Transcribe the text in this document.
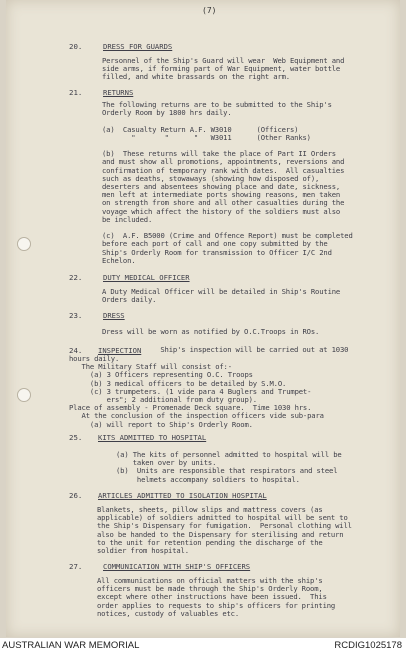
(7)
20.	DRESS FOR GUARDS
Personnel of the Ship's Guard will wear  Web Equipment and
side arms, if forming part of War Equipment, water bottle
filled, and white brassards on the right arm.
21.	RETURNS
The following returns are to be submitted to the Ship's
Orderly Room by 1800 hrs daily.

(a)  Casualty Return A.F. W3010      (Officers)
"       "      "   W3011      (Other Ranks)

(b)  These returns will take the place of Part II Orders
and must show all promotions, appointments, reversions and
confirmation of temporary rank with dates.  All casualties
such as deaths, stowaways (showing how disposed of),
deserters and absentees showing place and date, sickness,
men left at intermediate ports showing reasons, men taken
on strength from shore and all other casualties during the
voyage which affect the history of the soldiers must also
be included.

(c)  A.F. B5000 (Crime and Offence Report) must be completed
before each port of call and one copy submitted by the
Ship's Orderly Room for transmission to Officer I/C 2nd
Echelon.
22.	DUTY MEDICAL OFFICER
A Duty Medical Officer will be detailed in Ship's Routine
Orders daily.
23.	DRESS
Dress will be worn as notified by O.C.Troops in ROs.
24. INSPECTION Ship's inspection will be carried out at 1030
hours daily.
The Military Staff will consist of:-
(a) 3 Officers representing O.C. Troops
(b) 3 medical officers to be detailed by S.M.O.
(c) 3 trumpeters. (1 vide para 4 Buglers and Trumpet-
ers"; 2 additional from duty group).
Place of assembly - Promenade Deck square.  Time 1030 hrs.
At the conclusion of the inspection officers vide sub-para
(a) will report to Ship's Orderly Room.
25. KITS ADMITTED TO HOSPITAL
(a) The kits of personnel admitted to hospital will be
taken over by units.
(b)  Units are responsible that respirators and steel
helmets accompany soldiers to hospital.
26. ARTICLES ADMITTED TO ISOLATION HOSPITAL
Blankets, sheets, pillow slips and mattress covers (as
applicable) of soldiers admitted to hospital will be sent to
the Ship's Dispensary for fumigation.  Personal clothing will
also be handed to the Dispensary for sterilising and return
to the unit for retention pending the discharge of the
soldier from hospital.
27.	COMMUNICATION WITH SHIP'S OFFICERS
All communications on official matters with the ship's
officers must be made through the Ship's Orderly Room,
except where other instructions have been issued.  This
order applies to requests to ship's officers for printing
notices, custody of valuables etc.
AUSTRALIAN WAR MEMORIAL	RCDIG1025178
